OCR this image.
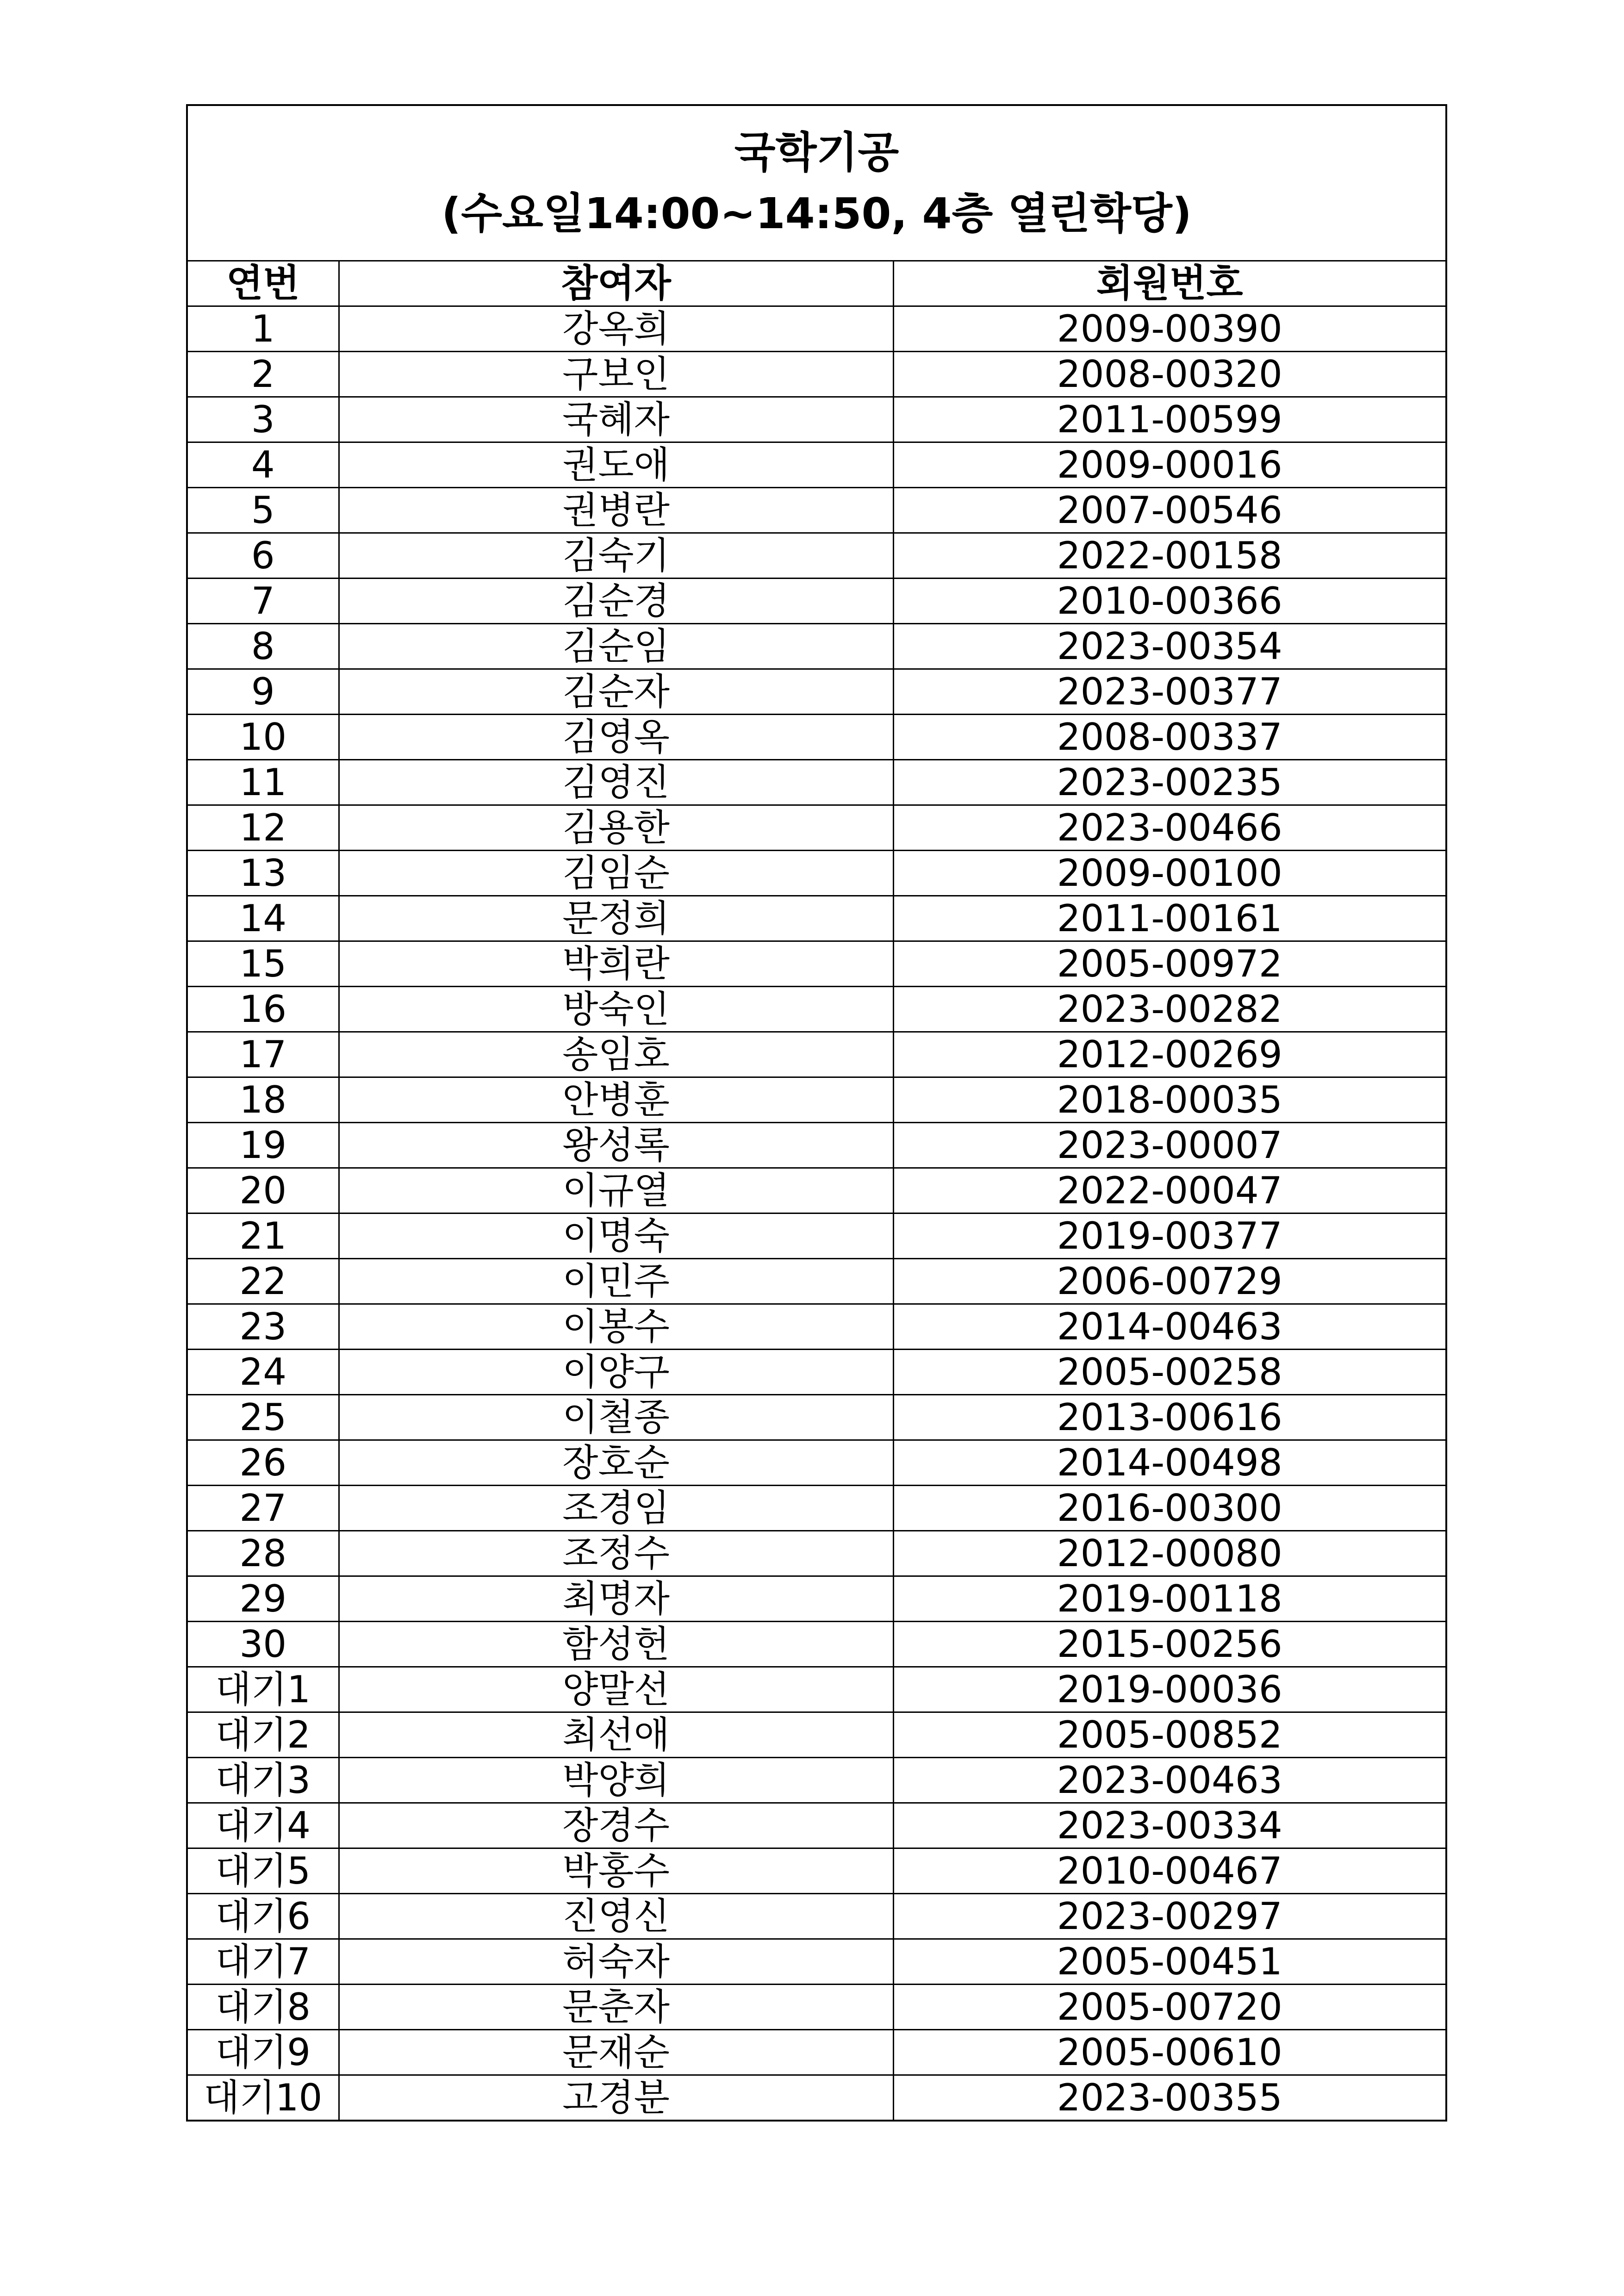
국학기공
(수요일14:00~14:50, 4층 열린학당)
연번	참여자	회원번호
1	강옥희	2009-00390
2	구보인	2008-00320
3	국혜자	2011-00599
4	권도애	2009-00016
5	권병란	2007-00546
6	김숙기	2022-00158
7	김순경	2010-00366
8	김순임	2023-00354
9	김순자	2023-00377
10	김영옥	2008-00337
11	김영진	2023-00235
12	김용한	2023-00466
13	김임순	2009-00100
14	문정희	2011-00161
15	박희란	2005-00972
16	방숙인	2023-00282
17	송임호	2012-00269
18	안병훈	2018-00035
19	왕성록	2023-00007
20	이규열	2022-00047
21	이명숙	2019-00377
22	이민주	2006-00729
23	이봉수	2014-00463
24	이양구	2005-00258
25	이철종	2013-00616
26	장호순	2014-00498
27	조경임	2016-00300
28	조정수	2012-00080
29	최명자	2019-00118
30	함성헌	2015-00256
대기1	양말선	2019-00036
대기2	최선애	2005-00852
대기3	박양희	2023-00463
대기4	장경수	2023-00334
대기5	박홍수	2010-00467
대기6	진영신	2023-00297
대기7	허숙자	2005-00451
대기8	문춘자	2005-00720
대기9	문재순	2005-00610
대기10	고경분	2023-00355
